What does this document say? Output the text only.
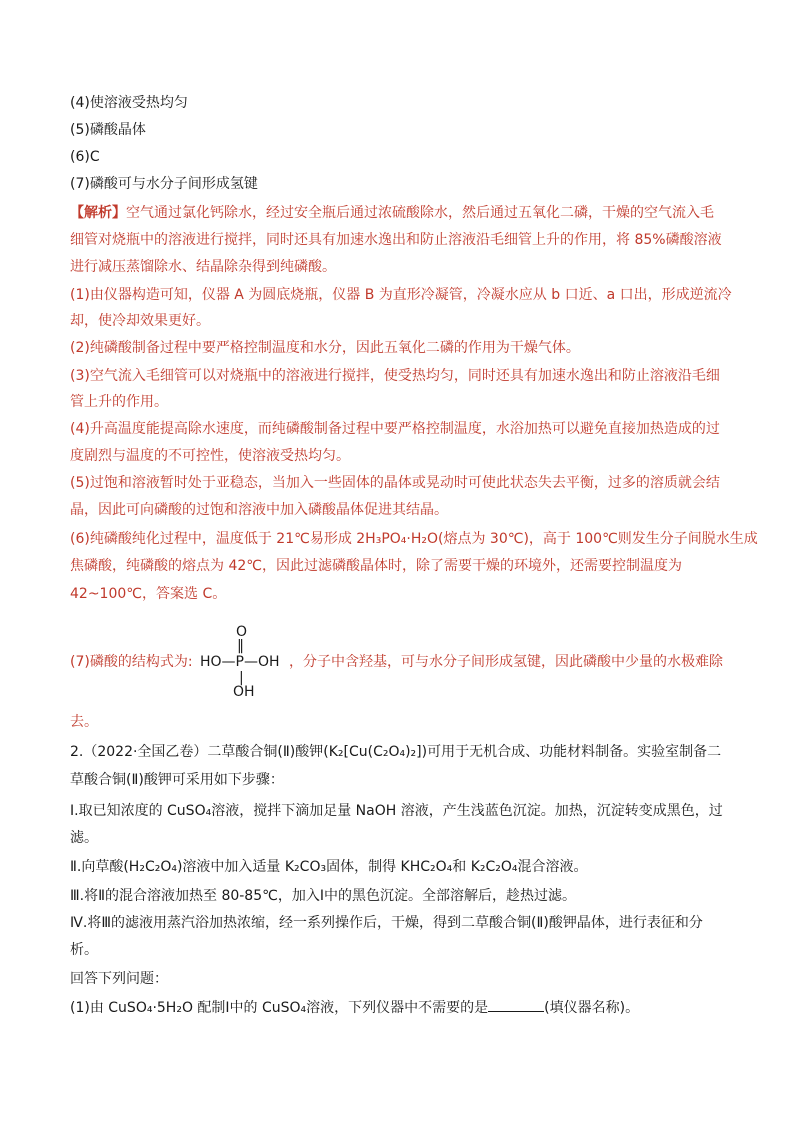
(4)使溶液受热均匀
(5)磷酸晶体
(6)C
(7)磷酸可与水分子间形成氢键
【解析】空气通过氯化钙除水，经过安全瓶后通过浓硫酸除水，然后通过五氧化二磷，干燥的空气流入毛
细管对烧瓶中的溶液进行搅拌，同时还具有加速水逸出和防止溶液沿毛细管上升的作用，将 85%磷酸溶液
进行减压蒸馏除水、结晶除杂得到纯磷酸。
(1)由仪器构造可知，仪器 A 为圆底烧瓶，仪器 B 为直形冷凝管，冷凝水应从 b 口近、a 口出，形成逆流冷
却，使冷却效果更好。
(2)纯磷酸制备过程中要严格控制温度和水分，因此五氧化二磷的作用为干燥气体。
(3)空气流入毛细管可以对烧瓶中的溶液进行搅拌，使受热均匀，同时还具有加速水逸出和防止溶液沿毛细
管上升的作用。
(4)升高温度能提高除水速度，而纯磷酸制备过程中要严格控制温度，水浴加热可以避免直接加热造成的过
度剧烈与温度的不可控性，使溶液受热均匀。
(5)过饱和溶液暂时处于亚稳态，当加入一些固体的晶体或晃动时可使此状态失去平衡，过多的溶质就会结
晶，因此可向磷酸的过饱和溶液中加入磷酸晶体促进其结晶。
(6)纯磷酸纯化过程中，温度低于 21℃易形成 2H₃PO₄·H₂O(熔点为 30℃)，高于 100℃则发生分子间脱水生成
焦磷酸，纯磷酸的熔点为 42℃，因此过滤磷酸晶体时，除了需要干燥的环境外，还需要控制温度为
42~100℃，答案选 C。
(7)磷酸的结构式为:
O
‖
HO—P—OH
|
OH
，分子中含羟基，可与水分子间形成氢键，因此磷酸中少量的水极难除
去。
2.（2022·全国乙卷）二草酸合铜(Ⅱ)酸钾(K₂[Cu(C₂O₄)₂])可用于无机合成、功能材料制备。实验室制备二
草酸合铜(Ⅱ)酸钾可采用如下步骤：
Ⅰ.取已知浓度的 CuSO₄溶液，搅拌下滴加足量 NaOH 溶液，产生浅蓝色沉淀。加热，沉淀转变成黑色，过
滤。
Ⅱ.向草酸(H₂C₂O₄)溶液中加入适量 K₂CO₃固体，制得 KHC₂O₄和 K₂C₂O₄混合溶液。
Ⅲ.将Ⅱ的混合溶液加热至 80-85℃，加入Ⅰ中的黑色沉淀。全部溶解后，趁热过滤。
Ⅳ.将Ⅲ的滤液用蒸汽浴加热浓缩，经一系列操作后，干燥，得到二草酸合铜(Ⅱ)酸钾晶体，进行表征和分
析。
回答下列问题：
(1)由 CuSO₄·5H₂O 配制Ⅰ中的 CuSO₄溶液，下列仪器中不需要的是	(填仪器名称)。
